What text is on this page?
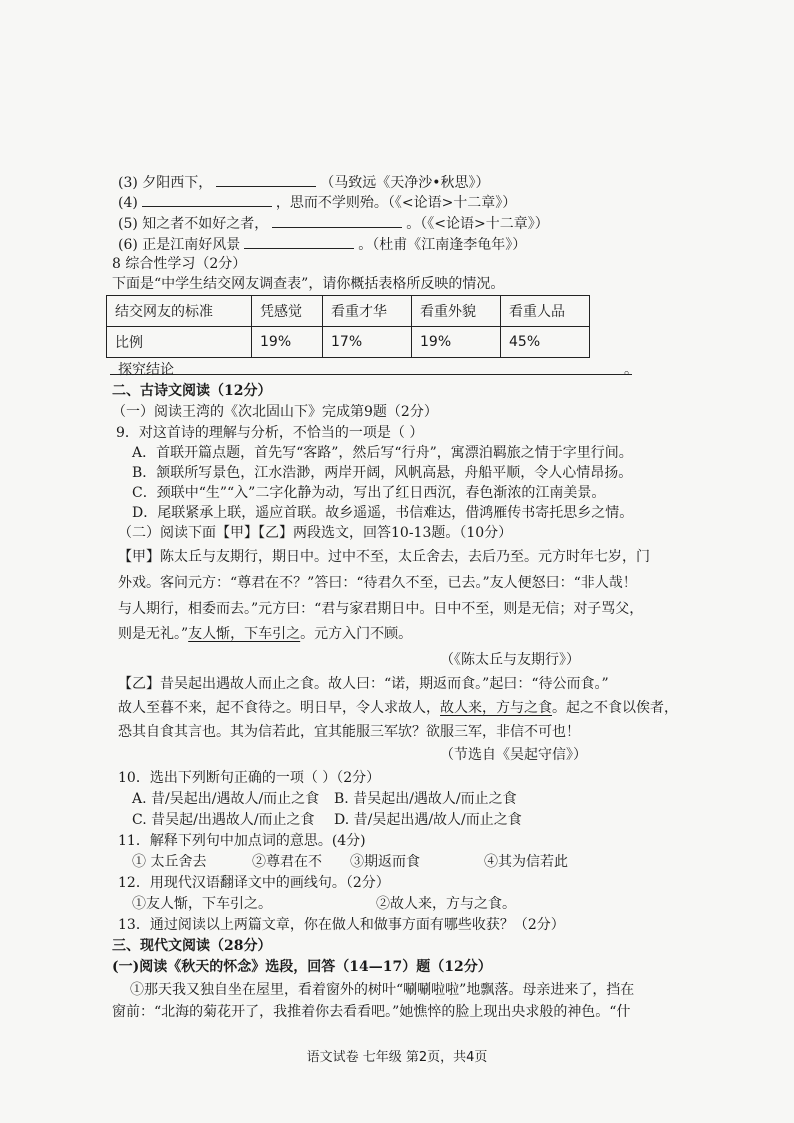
(3) 夕阳西下，	（马致远《天净沙•秋思》）
(4)	，思而不学则殆。（《<论语>十二章》）
(5) 知之者不如好之者，	。（《<论语>十二章》）
(6) 正是江南好风景	。（杜甫《江南逢李龟年》）
8 综合性学习（2分）
下面是“中学生结交网友调查表”，请你概括表格所反映的情况。
结交网友的标准	凭感觉	看重才华	看重外貌	看重人品
比例	19%	17%	19%	45%
探究结论	。
二、古诗文阅读（12分）
（一）阅读王湾的《次北固山下》完成第9题（2分）
9．对这首诗的理解与分析，不恰当的一项是（ ）
A．首联开篇点题，首先写“客路”，然后写“行舟”，寓漂泊羁旅之情于字里行间。
B．颔联所写景色，江水浩渺，两岸开阔，风帆高悬，舟船平顺，令人心情昂扬。
C．颈联中“生”“入”二字化静为动，写出了红日西沉，春色渐浓的江南美景。
D．尾联紧承上联，遥应首联。故乡遥遥，书信难达，借鸿雁传书寄托思乡之情。
（二）阅读下面【甲】【乙】两段选文，回答10-13题。（10分）
【甲】陈太丘与友期行，期日中。过中不至，太丘舍去，去后乃至。元方时年七岁，门
外戏。客问元方：“尊君在不？”答曰：“待君久不至，已去。”友人便怒曰：“非人哉！
与人期行，相委而去。”元方曰：“君与家君期日中。日中不至，则是无信；对子骂父，
则是无礼。”友人惭，下车引之。元方入门不顾。
（《陈太丘与友期行》）
【乙】昔吴起出遇故人而止之食。故人曰：“诺，期返而食。”起曰：“待公而食。”
故人至暮不来，起不食待之。明日早，令人求故人，故人来，方与之食。起之不食以俟者，
恐其自食其言也。其为信若此，宜其能服三军欤？欲服三军，非信不可也！
（节选自《吴起守信》）
10．选出下列断句正确的一项（ ）（2分）
A. 昔/吴起出/遇故人/而止之食 B. 昔吴起出/遇故人/而止之食
C. 昔吴起/出遇故人/而止之食 D. 昔/吴起出遇/故人/而止之食
11．解释下列句中加点词的意思。(4分)
① 太丘舍去	②尊君在不 ③期返而食	④其为信若此
12．用现代汉语翻译文中的画线句。（2分）
①友人惭，下车引之。	②故人来，方与之食。
13．通过阅读以上两篇文章，你在做人和做事方面有哪些收获？（2分）
三、现代文阅读（28分）
(一)阅读《秋天的怀念》选段，回答（14—17）题（12分）
①那天我又独自坐在屋里，看着窗外的树叶“唰唰啦啦”地飘落。母亲进来了，挡在
窗前：“北海的菊花开了，我推着你去看看吧。”她憔悴的脸上现出央求般的神色。“什
语文试卷 七年级 第2页，共4页
